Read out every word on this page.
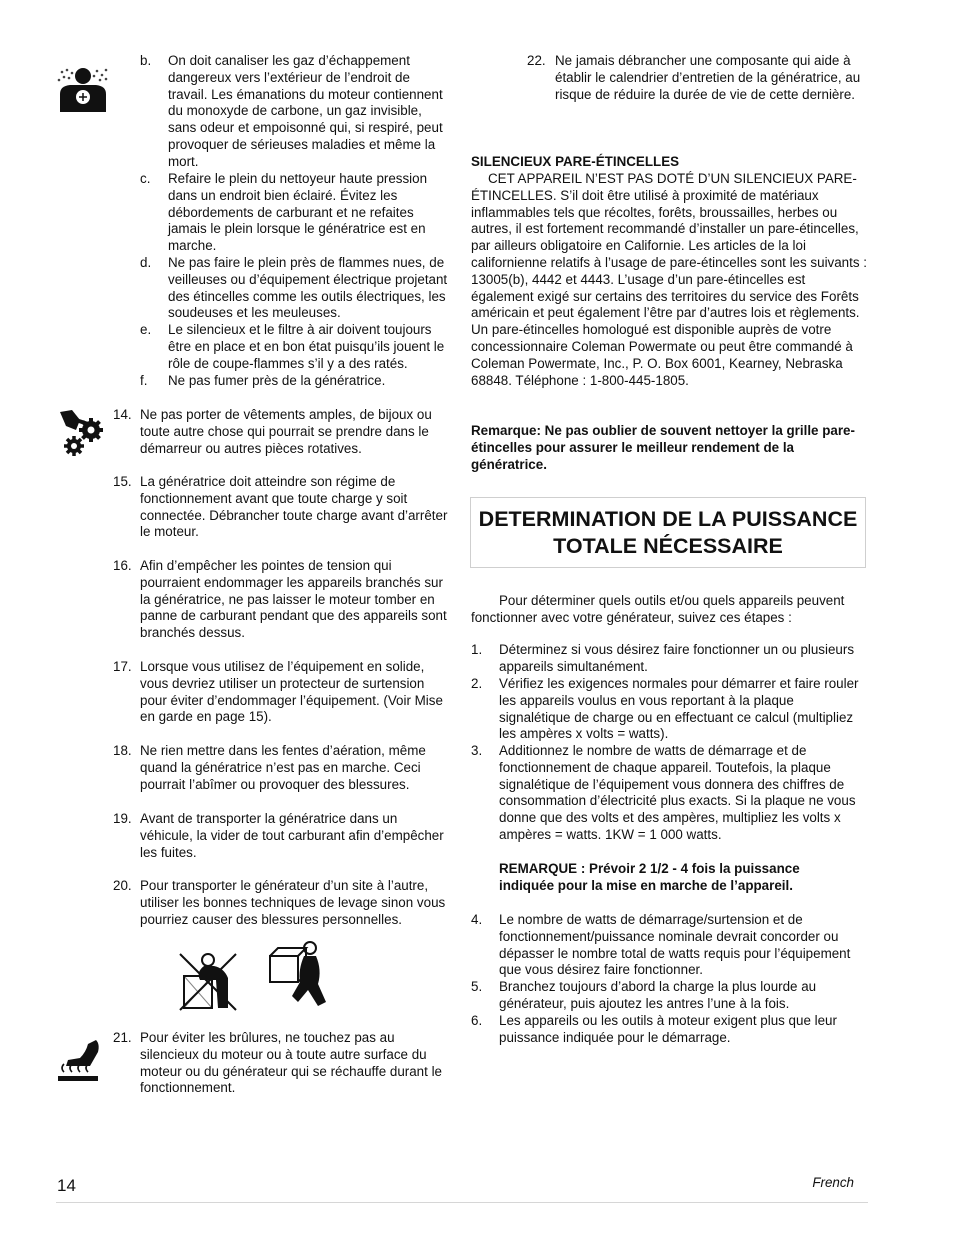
b.	On doit canaliser les gaz d’échappement dangereux vers l’extérieur de l’endroit de travail. Les émanations du moteur contiennent du monoxyde de carbone, un gaz invisible, sans odeur et empoisonné qui, si respiré, peut provoquer de sérieuses maladies et même la mort.
c.	Refaire le plein du nettoyeur haute pression dans un endroit bien éclairé. Évitez les débordements de carburant et ne refaites jamais le plein lorsque le génératrice est en marche.
d.	Ne pas faire le plein près de flammes nues, de veilleuses ou d’équipement électrique projetant des étincelles comme les outils électriques, les soudeuses et les meuleuses.
e.	Le silencieux et le filtre à air doivent toujours être en place et en bon état puisqu’ils jouent le rôle de coupe-flammes s’il y a des ratés.
f.	Ne pas fumer près de la génératrice.
14. Ne pas porter de vêtements amples, de bijoux ou toute autre chose qui pourrait se prendre dans le démarreur ou autres pièces rotatives.
15. La génératrice doit atteindre son régime de fonctionnement avant que toute charge y soit connectée. Débrancher toute charge avant d’arrêter le moteur.
16. Afin d’empêcher les pointes de tension qui pourraient endommager les appareils branchés sur la génératrice, ne pas laisser le moteur tomber en panne de carburant pendant que des appareils sont branchés dessus.
17. Lorsque vous utilisez de l’équipement en solide, vous devriez utiliser un protecteur de surtension pour éviter d’endommager l’équipement. (Voir Mise en garde en page 15).
18. Ne rien mettre dans les fentes d’aération, même quand la génératrice n’est pas en marche. Ceci pourrait l’abîmer ou provoquer des blessures.
19. Avant de transporter la génératrice dans un véhicule, la vider de tout carburant afin d’empêcher les fuites.
20. Pour transporter le générateur d’un site à l’autre, utiliser les bonnes techniques de levage sinon vous pourriez causer des blessures personnelles.
21. Pour éviter les brûlures, ne touchez pas au silencieux du moteur ou à toute autre surface du moteur ou du générateur qui se réchauffe durant le fonctionnement.
22. Ne jamais débrancher une composante qui aide à établir le calendrier d’entretien de la génératrice, au risque de réduire la durée de vie de cette dernière.
SILENCIEUX PARE-ÉTINCELLES
CET APPAREIL N’EST PAS DOTÉ D’UN SILENCIEUX PARE-ÉTINCELLES. S’il doit être utilisé à proximité de matériaux inflammables tels que récoltes, forêts, broussailles, herbes ou autres, il est fortement recommandé d’installer un pare-étincelles, par ailleurs obligatoire en Californie. Les articles de la loi californienne relatifs à l’usage de pare-étincelles sont les suivants : 13005(b), 4442 et 4443. L’usage d’un pare-étincelles est également exigé sur certains des territoires du service des Forêts américain et peut également l’être par d’autres lois et règlements. Un pare-étincelles homologué est disponible auprès de votre concessionnaire Coleman Powermate ou peut être commandé à Coleman Powermate, Inc., P. O. Box 6001, Kearney, Nebraska 68848. Téléphone : 1-800-445-1805.
Remarque: Ne pas oublier de souvent nettoyer la grille pare-étincelles pour assurer le meilleur rendement de la génératrice.
DETERMINATION DE LA PUISSANCE
TOTALE NÉCESSAIRE
Pour déterminer quels outils et/ou quels appareils peuvent fonctionner avec votre générateur, suivez ces étapes :
1.	Déterminez si vous désirez faire fonctionner un ou plusieurs appareils simultanément.
2.	Vérifiez les exigences normales pour démarrer et faire rouler les appareils voulus en vous reportant à la plaque signalétique de charge ou en effectuant ce calcul (multipliez les ampères x volts = watts).
3.	Additionnez le nombre de watts de démarrage et de fonctionnement de chaque appareil. Toutefois, la plaque signalétique de l’équipement vous donnera des chiffres de consommation d’électricité plus exacts. Si la plaque ne vous donne que des volts et des ampères, multipliez les volts x ampères = watts. 1KW = 1 000 watts.
REMARQUE : Prévoir 2 1/2 - 4 fois la puissance indiquée pour la mise en marche de l’appareil.
4.	Le nombre de watts de démarrage/surtension et de fonctionnement/puissance nominale devrait concorder ou dépasser le nombre total de watts requis pour l’équipement que vous désirez faire fonctionner.
5.	Branchez toujours d’abord la charge la plus lourde au générateur, puis ajoutez les antres l’une à la fois.
6.	Les appareils ou les outils à moteur exigent plus que leur puissance indiquée pour le démarrage.
14	French
